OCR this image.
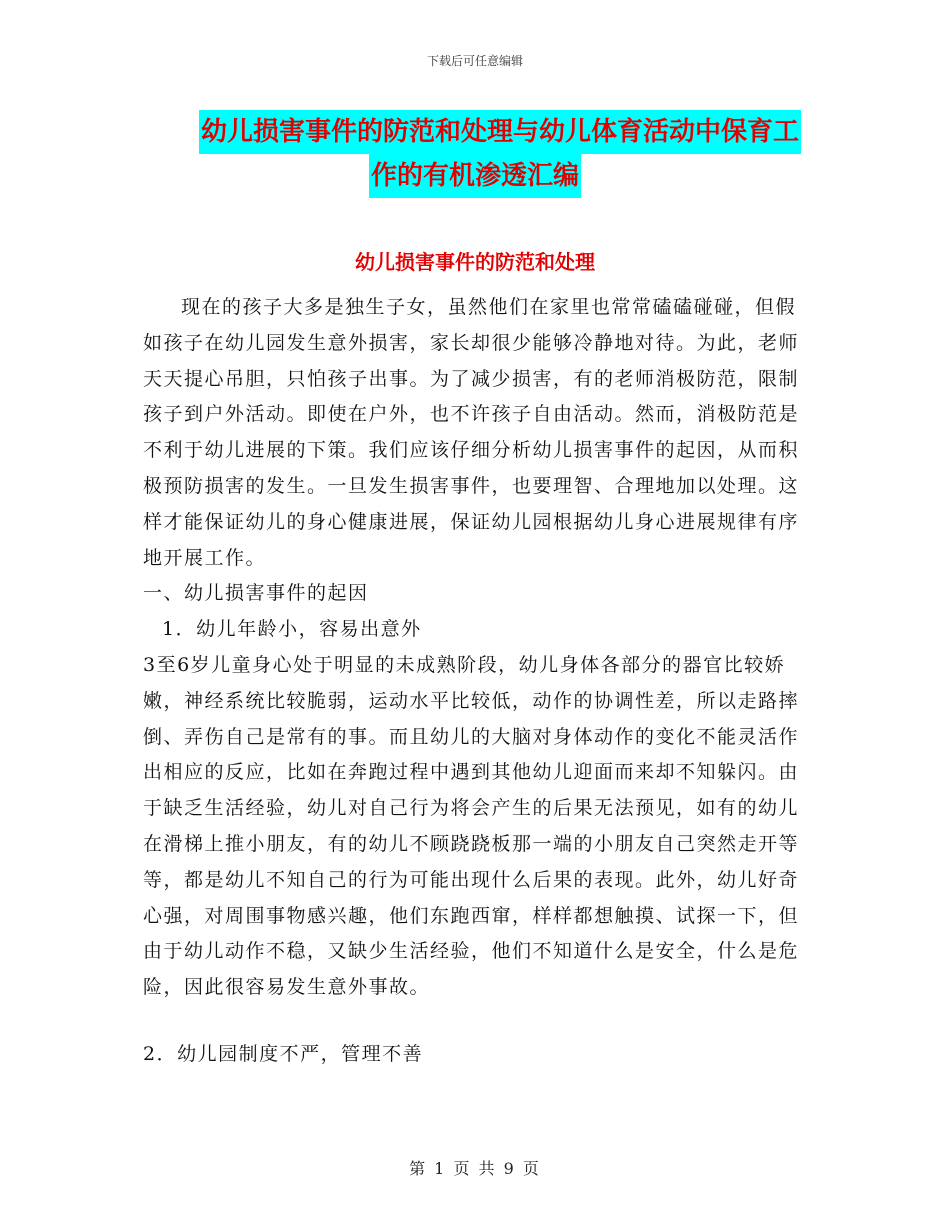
下载后可任意编辑
幼儿损害事件的防范和处理与幼儿体育活动中保育工
作的有机渗透汇编
幼儿损害事件的防范和处理

现在的孩子大多是独生子女，虽然他们在家里也常常磕磕碰碰，但假如孩子在幼儿园发生意外损害，家长却很少能够冷静地对待。为此，老师天天提心吊胆，只怕孩子出事。为了减少损害，有的老师消极防范，限制孩子到户外活动。即使在户外，也不许孩子自由活动。然而，消极防范是不利于幼儿进展的下策。我们应该仔细分析幼儿损害事件的起因，从而积极预防损害的发生。一旦发生损害事件，也要理智、合理地加以处理。这样才能保证幼儿的身心健康进展，保证幼儿园根据幼儿身心进展规律有序地开展工作。

一、幼儿损害事件的起因

1．幼儿年龄小，容易出意外

3至6岁儿童身心处于明显的未成熟阶段，幼儿身体各部分的器官比较娇嫩，神经系统比较脆弱，运动水平比较低，动作的协调性差，所以走路摔倒、弄伤自己是常有的事。而且幼儿的大脑对身体动作的变化不能灵活作出相应的反应，比如在奔跑过程中遇到其他幼儿迎面而来却不知躲闪。由于缺乏生活经验，幼儿对自己行为将会产生的后果无法预见，如有的幼儿在滑梯上推小朋友，有的幼儿不顾跷跷板那一端的小朋友自己突然走开等等，都是幼儿不知自己的行为可能出现什么后果的表现。此外，幼儿好奇心强，对周围事物感兴趣，他们东跑西窜，样样都想触摸、试探一下，但由于幼儿动作不稳，又缺少生活经验，他们不知道什么是安全，什么是危险，因此很容易发生意外事故。

2．幼儿园制度不严，管理不善

第 1 页 共 9 页
